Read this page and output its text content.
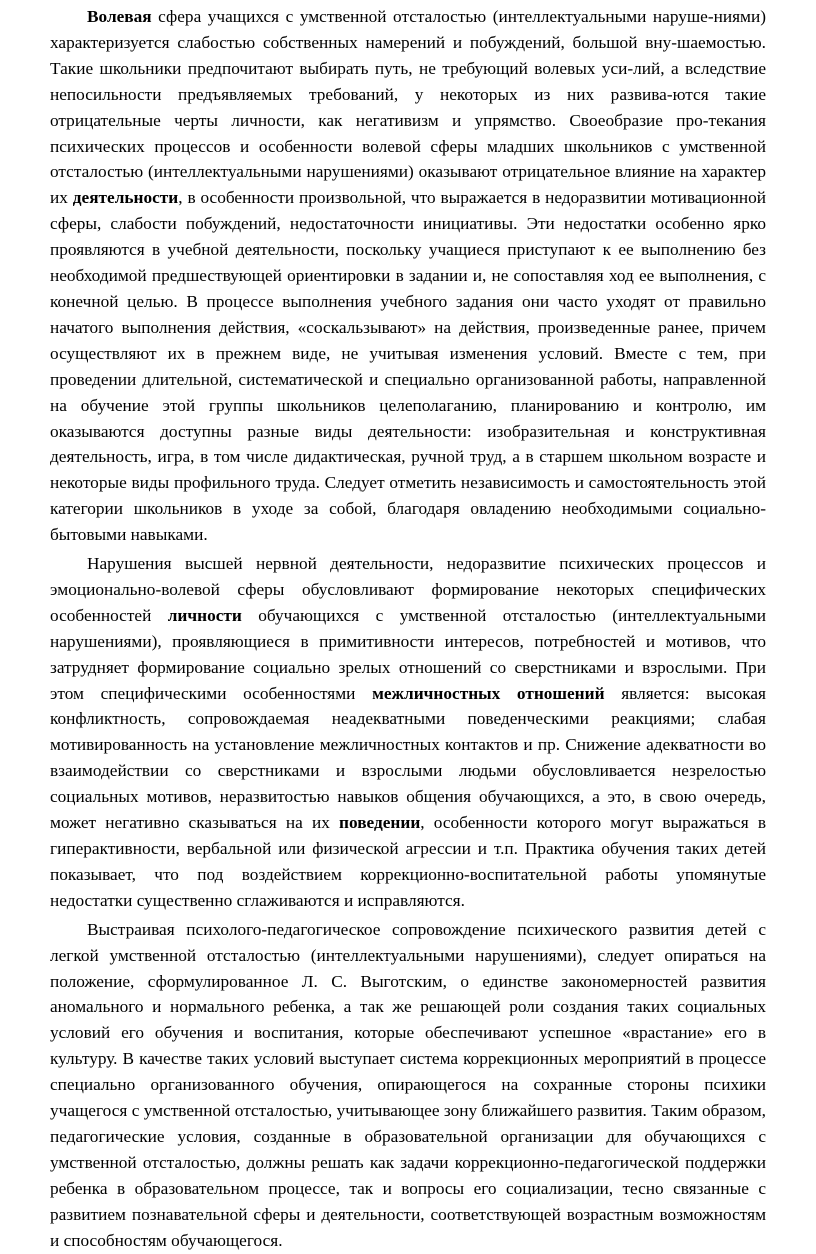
Волевая сфера учащихся с умственной отсталостью (интеллектуальными наруше-ниями) характеризуется слабостью собственных намерений и побуждений, большой вну-шаемостью. Такие школьники предпочитают выбирать путь, не требующий волевых уси-лий, а вследствие непосильности предъявляемых требований, у некоторых из них развива-ются такие отрицательные черты личности, как негативизм и упрямство. Своеобразие про-текания психических процессов и особенности волевой сферы младших школьников с умственной отсталостью (интеллектуальными нарушениями) оказывают отрицательное влияние на характер их деятельности, в особенности произвольной, что выражается в недоразвитии мотивационной сферы, слабости побуждений, недостаточности инициативы. Эти недостатки особенно ярко проявляются в учебной деятельности, поскольку учащиеся приступают к ее выполнению без необходимой предшествующей ориентировки в задании и, не сопоставляя ход ее выполнения, с конечной целью. В процессе выполнения учебного задания они часто уходят от правильно начатого выполнения действия, «соскальзывают» на действия, произведенные ранее, причем осуществляют их в прежнем виде, не учитывая изменения условий. Вместе с тем, при проведении длительной, систематической и специально организованной работы, направленной на обучение этой группы школьников целеполаганию, планированию и контролю, им оказываются доступны разные виды деятельности: изобразительная и конструктивная деятельность, игра, в том числе дидактическая, ручной труд, а в старшем школьном возрасте и некоторые виды профильного труда. Следует отметить независимость и самостоятельность этой категории школьников в уходе за собой, благодаря овладению необходимыми социально-бытовыми навыками.

Нарушения высшей нервной деятельности, недоразвитие психических процессов и эмоционально-волевой сферы обусловливают формирование некоторых специфических особенностей личности обучающихся с умственной отсталостью (интеллектуальными нарушениями), проявляющиеся в примитивности интересов, потребностей и мотивов, что затрудняет формирование социально зрелых отношений со сверстниками и взрослыми. При этом специфическими особенностями межличностных отношений является: высокая конфликтность, сопровождаемая неадекватными поведенческими реакциями; слабая мотивированность на установление межличностных контактов и пр. Снижение адекватности во взаимодействии со сверстниками и взрослыми людьми обусловливается незрелостью социальных мотивов, неразвитостью навыков общения обучающихся, а это, в свою очередь, может негативно сказываться на их поведении, особенности которого могут выражаться в гиперактивности, вербальной или физической агрессии и т.п. Практика обучения таких детей показывает, что под воздействием коррекционно-воспитательной работы упомянутые недостатки существенно сглаживаются и исправляются.

Выстраивая психолого-педагогическое сопровождение психического развития детей с легкой умственной отсталостью (интеллектуальными нарушениями), следует опираться на положение, сформулированное Л. С. Выготским, о единстве закономерностей развития аномального и нормального ребенка, а так же решающей роли создания таких социальных условий его обучения и воспитания, которые обеспечивают успешное «врастание» его в культуру. В качестве таких условий выступает система коррекционных мероприятий в процессе специально организованного обучения, опирающегося на сохранные стороны психики учащегося с умственной отсталостью, учитывающее зону ближайшего развития. Таким образом, педагогические условия, созданные в образовательной организации для обучающихся с умственной отсталостью, должны решать как задачи коррекционно-педагогической поддержки ребенка в образовательном процессе, так и вопросы его социализации, тесно связанные с развитием познавательной сферы и деятельности, соответствующей возрастным возможностям и способностям обучающегося.
